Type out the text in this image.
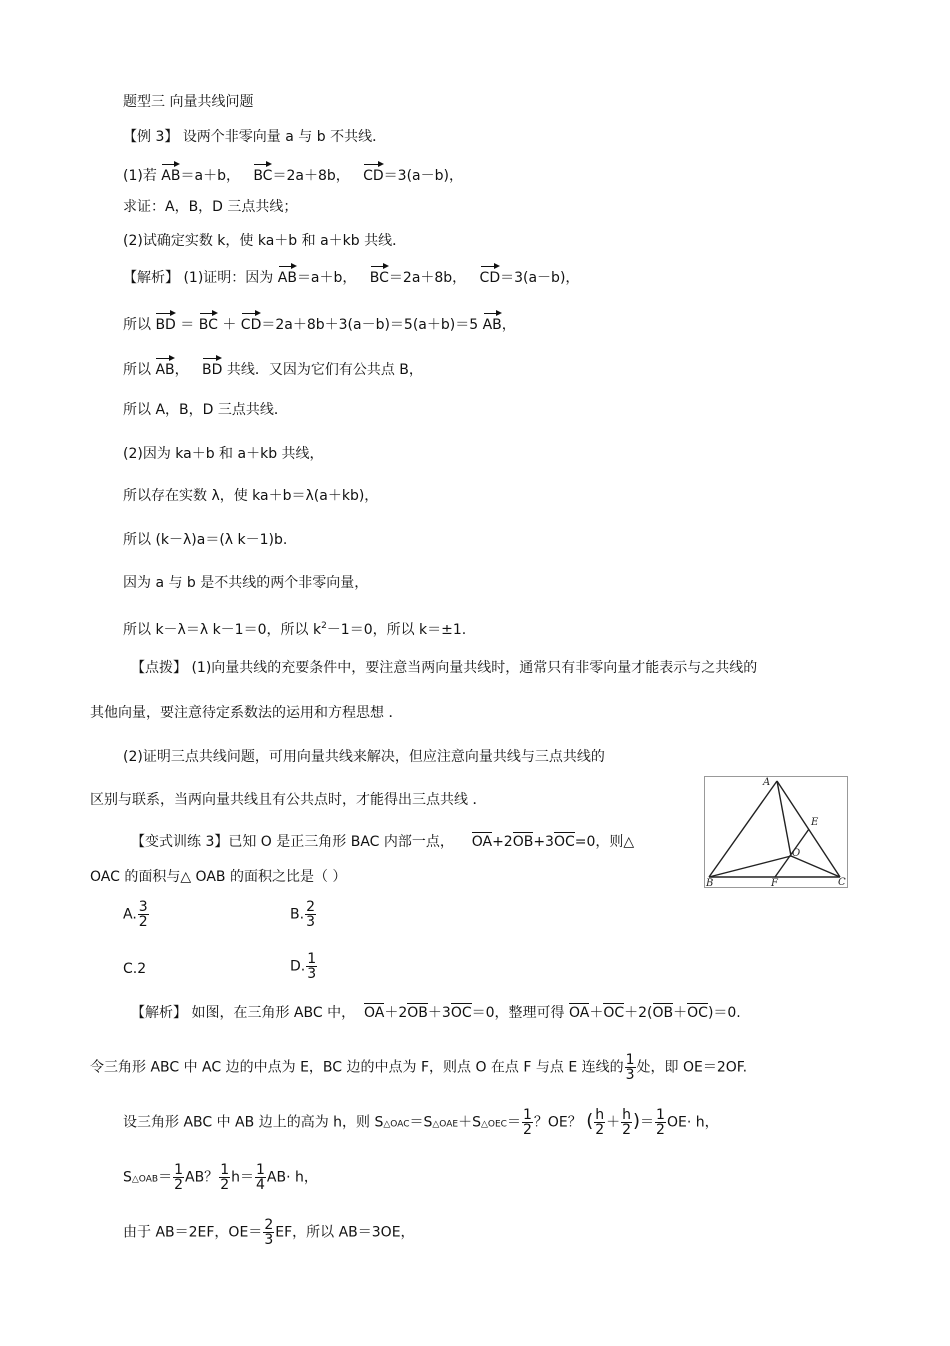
题型三 向量共线问题
【例 3】 设两个非零向量 a 与 b 不共线．
(1)若 AB＝a＋b， BC＝2a＋8b， CD＝3(a－b)，
求证：A，B，D 三点共线；
(2)试确定实数 k，使 ka＋b 和 a＋kb 共线．
【解析】 (1)证明：因为 AB＝a＋b， BC＝2a＋8b， CD＝3(a－b)，
所以 BD ＝ BC ＋ CD＝2a＋8b＋3(a－b)＝5(a＋b)＝5 AB，
所以 AB， BD 共线．又因为它们有公共点 B，
所以 A，B，D 三点共线．
(2)因为 ka＋b 和 a＋kb 共线，
所以存在实数 λ，使 ka＋b＝λ(a＋kb)，
所以 (k－λ)a＝(λ k－1)b.
因为 a 与 b 是不共线的两个非零向量，
所以 k－λ＝λ k－1＝0，所以 $k^2-1=0$，所以 k＝±1.
【点拨】 (1)向量共线的充要条件中，要注意当两向量共线时，通常只有非零向量才能表示与之共线的
其他向量，要注意待定系数法的运用和方程思想 ．
(2)证明三点共线问题，可用向量共线来解决，但应注意向量共线与三点共线的
区别与联系，当两向量共线且有公共点时，才能得出三点共线 ．
【变式训练 3】已知 O 是正三角形 BAC 内部一点， OA+2OB+3OC=0，则△
OAC 的面积与△ OAB 的面积之比是（ ）
A. $\frac{3}{2}$	B. $\frac{2}{3}$
C.2	D. $\frac{1}{3}$
A
B	C
E
F
O
【解析】 如图，在三角形 ABC 中， OA＋2OB＋3OC＝0，整理可得 OA＋OC＋2(OB＋OC)＝0.
令三角形 ABC 中 AC 边的中点为 E，BC 边的中点为 F，则点 O 在点 F 与点 E 连线的 $\frac{1}{3}$ 处，即 OE＝2OF.
设三角形 ABC 中 AB 边上的高为 h，则 S△OAC＝S△OAE＋S△OEC＝ $\frac{1}{2}$ ？OE？ ( $\frac{h}{2} + \frac{h}{2}$ )＝ $\frac{1}{2} OE\cdot h$，
S△OAB＝ $\frac{1}{2}$ AB？ $\frac{1}{2} h= \frac{1}{4} AB\cdot h$，
由于 AB＝2EF，$OE= \frac{2}{3}$ EF，所以 AB＝3OE，
